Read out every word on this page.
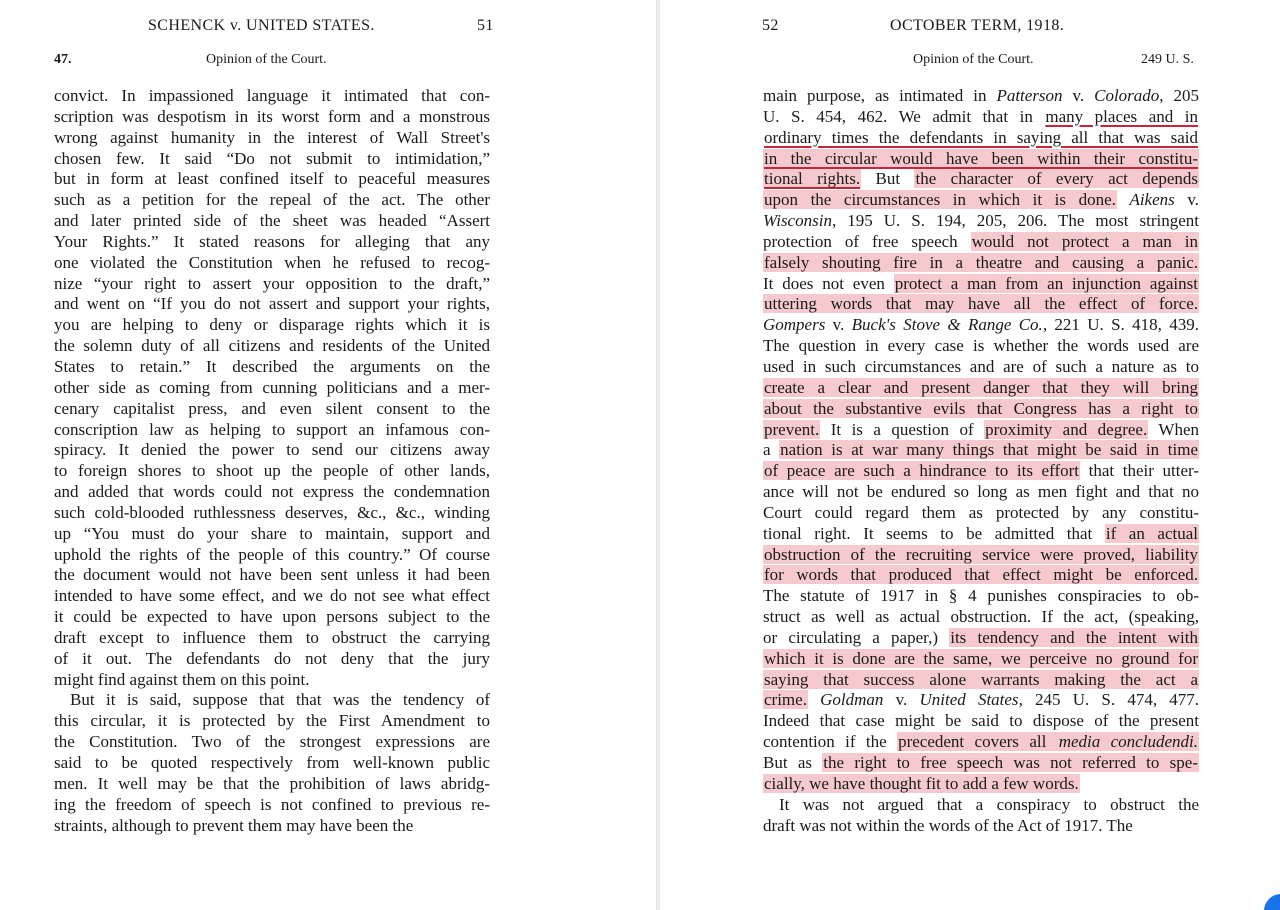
SCHENCK v. UNITED STATES.	51
47.	Opinion of the Court.
convict. In impassioned language it intimated that con-
scription was despotism in its worst form and a monstrous
wrong against humanity in the interest of Wall Street's
chosen few. It said “Do not submit to intimidation,”
but in form at least confined itself to peaceful measures
such as a petition for the repeal of the act. The other
and later printed side of the sheet was headed “Assert
Your Rights.” It stated reasons for alleging that any
one violated the Constitution when he refused to recog-
nize “your right to assert your opposition to the draft,”
and went on “If you do not assert and support your rights,
you are helping to deny or disparage rights which it is
the solemn duty of all citizens and residents of the United
States to retain.” It described the arguments on the
other side as coming from cunning politicians and a mer-
cenary capitalist press, and even silent consent to the
conscription law as helping to support an infamous con-
spiracy. It denied the power to send our citizens away
to foreign shores to shoot up the people of other lands,
and added that words could not express the condemnation
such cold-blooded ruthlessness deserves, &c., &c., winding
up “You must do your share to maintain, support and
uphold the rights of the people of this country.” Of course
the document would not have been sent unless it had been
intended to have some effect, and we do not see what effect
it could be expected to have upon persons subject to the
draft except to influence them to obstruct the carrying
of it out. The defendants do not deny that the jury
might find against them on this point.
But it is said, suppose that that was the tendency of
this circular, it is protected by the First Amendment to
the Constitution. Two of the strongest expressions are
said to be quoted respectively from well-known public
men. It well may be that the prohibition of laws abridg-
ing the freedom of speech is not confined to previous re-
straints, although to prevent them may have been the
52	OCTOBER TERM, 1918.
Opinion of the Court.	249 U. S.
main purpose, as intimated in Patterson v. Colorado, 205
U. S. 454, 462. We admit that in many places and in
ordinary times the defendants in saying all that was said
in the circular would have been within their constitu-
tional rights. But the character of every act depends
upon the circumstances in which it is done. Aikens v.
Wisconsin, 195 U. S. 194, 205, 206. The most stringent
protection of free speech would not protect a man in
falsely shouting fire in a theatre and causing a panic.
It does not even protect a man from an injunction against
uttering words that may have all the effect of force.
Gompers v. Buck's Stove & Range Co., 221 U. S. 418, 439.
The question in every case is whether the words used are
used in such circumstances and are of such a nature as to
create a clear and present danger that they will bring
about the substantive evils that Congress has a right to
prevent. It is a question of proximity and degree. When
a nation is at war many things that might be said in time
of peace are such a hindrance to its effort that their utter-
ance will not be endured so long as men fight and that no
Court could regard them as protected by any constitu-
tional right. It seems to be admitted that if an actual
obstruction of the recruiting service were proved, liability
for words that produced that effect might be enforced.
The statute of 1917 in § 4 punishes conspiracies to ob-
struct as well as actual obstruction. If the act, (speaking,
or circulating a paper,) its tendency and the intent with
which it is done are the same, we perceive no ground for
saying that success alone warrants making the act a
crime. Goldman v. United States, 245 U. S. 474, 477.
Indeed that case might be said to dispose of the present
contention if the precedent covers all media concludendi.
But as the right to free speech was not referred to spe-
cially, we have thought fit to add a few words.
It was not argued that a conspiracy to obstruct the
draft was not within the words of the Act of 1917. The
